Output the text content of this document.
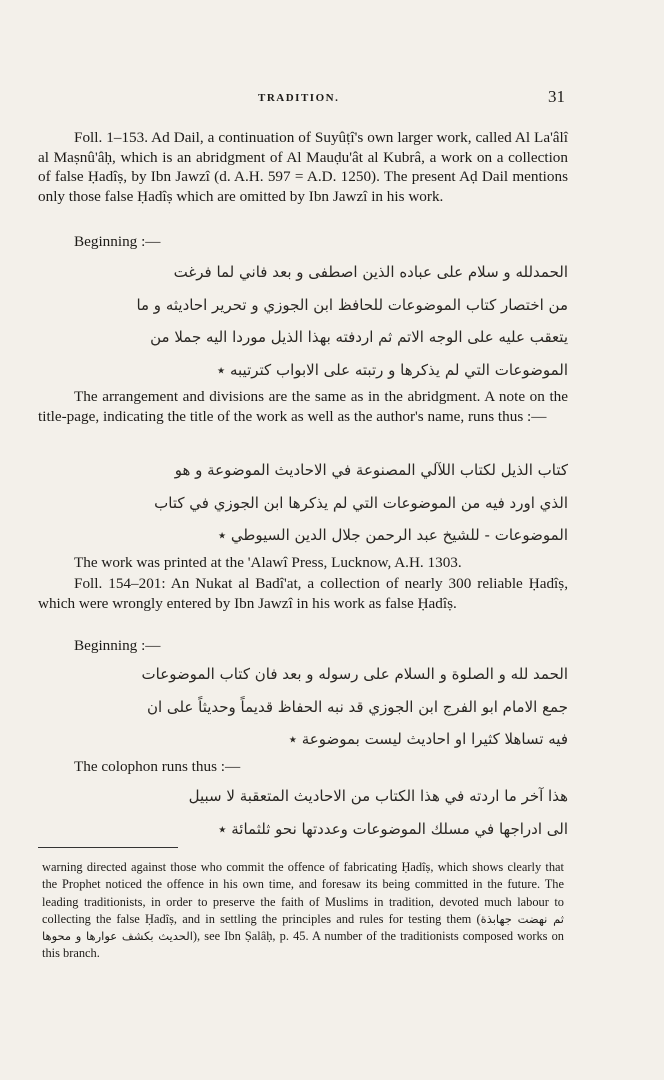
TRADITION.	31
Foll. 1–153. Ad Dail, a continuation of Suyûṭî's own larger work, called Al La'âlî al Maṣnû'âḥ, which is an abridgment of Al Mauḍu'ât al Kubrâ, a work on a collection of false Ḥadîṣ, by Ibn Jawzî (d. A.H. 597 = A.D. 1250). The present Aḍ Dail mentions only those false Ḥadîṣ which are omitted by Ibn Jawzî in his work.
Beginning :—
الحمدلله و سلام على عباده الذين اصطفى و بعد فاني لما فرغت
من اختصار كتاب الموضوعات للحافظ ابن الجوزي و تحرير احاديثه و ما
يتعقب عليه على الوجه الاتم ثم اردفته بهذا الذيل موردا اليه جملا من
الموضوعات التي لم يذكرها و رتبته على الابواب كترتيبه ٭
The arrangement and divisions are the same as in the abridgment. A note on the title-page, indicating the title of the work as well as the author's name, runs thus :—
كتاب الذيل لكتاب اللآلي المصنوعة في الاحاديث الموضوعة و هو
الذي اورد فيه من الموضوعات التي لم يذكرها ابن الجوزي في كتاب
الموضوعات - للشيخ عبد الرحمن جلال الدين السيوطي ٭
The work was printed at the 'Alawî Press, Lucknow, A.H. 1303.
Foll. 154–201: An Nukat al Badî'at, a collection of nearly 300 reliable Ḥadîṣ, which were wrongly entered by Ibn Jawzî in his work as false Ḥadîṣ.
Beginning :—
الحمد لله و الصلوة و السلام على رسوله و بعد فان كتاب الموضوعات
جمع الامام ابو الفرج ابن الجوزي قد نبه الحفاظ قديماً وحديثاً على ان
فيه تساهلا كثيرا او احاديث ليست بموضوعة ٭
The colophon runs thus :—
هذا آخر ما اردته في هذا الكتاب من الاحاديث المتعقبة لا سبيل
الى ادراجها في مسلك الموضوعات وعددتها نحو ثلثمائة ٭
warning directed against those who commit the offence of fabricating Ḥadîṣ, which shows clearly that the Prophet noticed the offence in his own time, and foresaw its being committed in the future. The leading traditionists, in order to preserve the faith of Muslims in tradition, devoted much labour to collecting the false Ḥadîṣ, and in settling the principles and rules for testing them (ثم نهضت جهابذة الحديث بكشف عوارها و محوها), see Ibn Ṣalâḥ, p. 45. A number of the traditionists composed works on this branch.
